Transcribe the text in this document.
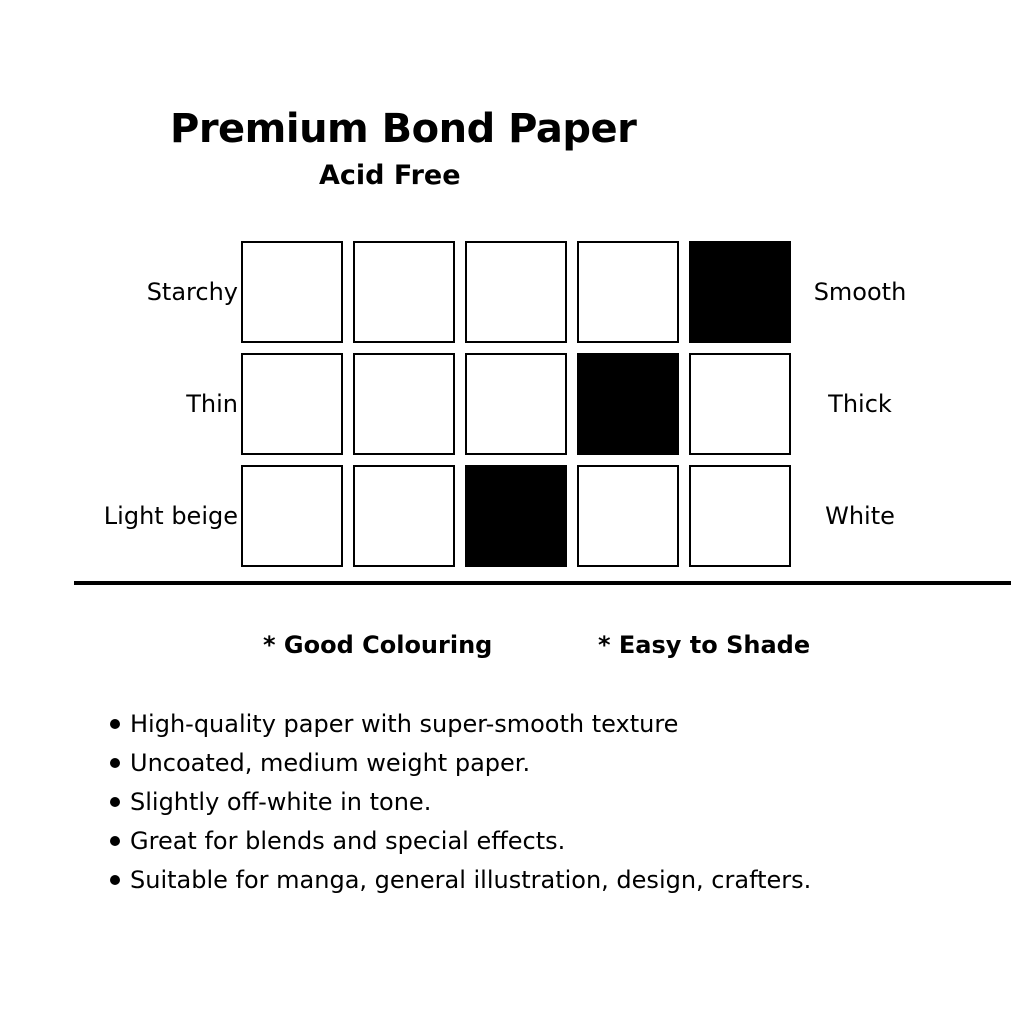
Premium Bond Paper
Acid Free
Starchy	Smooth
Thin	Thick
Light beige	White
* Good Colouring	* Easy to Shade
High-quality paper with super-smooth texture
Uncoated, medium weight paper.
Slightly off-white in tone.
Great for blends and special effects.
Suitable for manga, general illustration, design, crafters.
